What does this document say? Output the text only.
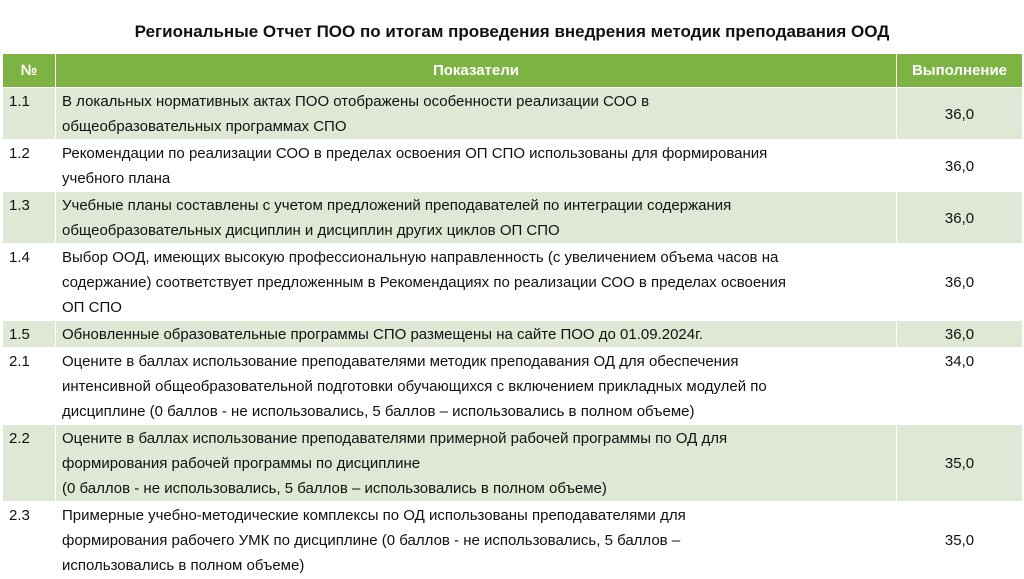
Региональные Отчет ПОО по итогам проведения внедрения методик преподавания ООД
№	Показатели	Выполнение
1.1	В локальных нормативных актах ПОО отображены особенности реализации СОО в
общеобразовательных программах СПО	36,0
1.2	Рекомендации по реализации СОО в пределах освоения ОП СПО использованы для формирования
учебного плана	36,0
1.3	Учебные планы составлены с учетом предложений преподавателей по интеграции содержания
общеобразовательных дисциплин и дисциплин других циклов ОП СПО	36,0
1.4	Выбор ООД, имеющих высокую профессиональную направленность (с увеличением объема часов на
содержание) соответствует предложенным в Рекомендациях по реализации СОО в пределах освоения
ОП СПО	36,0
1.5	Обновленные образовательные программы СПО размещены на сайте ПОО до 01.09.2024г.	36,0
2.1	Оцените в баллах использование преподавателями методик преподавания ОД для обеспечения
интенсивной общеобразовательной подготовки обучающихся с включением прикладных модулей по
дисциплине (0 баллов - не использовались, 5 баллов – использовались в полном объеме)	34,0
2.2	Оцените в баллах использование преподавателями примерной рабочей программы по ОД для
формирования рабочей программы по дисциплине
(0 баллов - не использовались, 5 баллов – использовались в полном объеме)	35,0
2.3	Примерные учебно-методические комплексы по ОД использованы преподавателями для
формирования рабочего УМК по дисциплине (0 баллов - не использовались, 5 баллов –
использовались в полном объеме)	35,0
